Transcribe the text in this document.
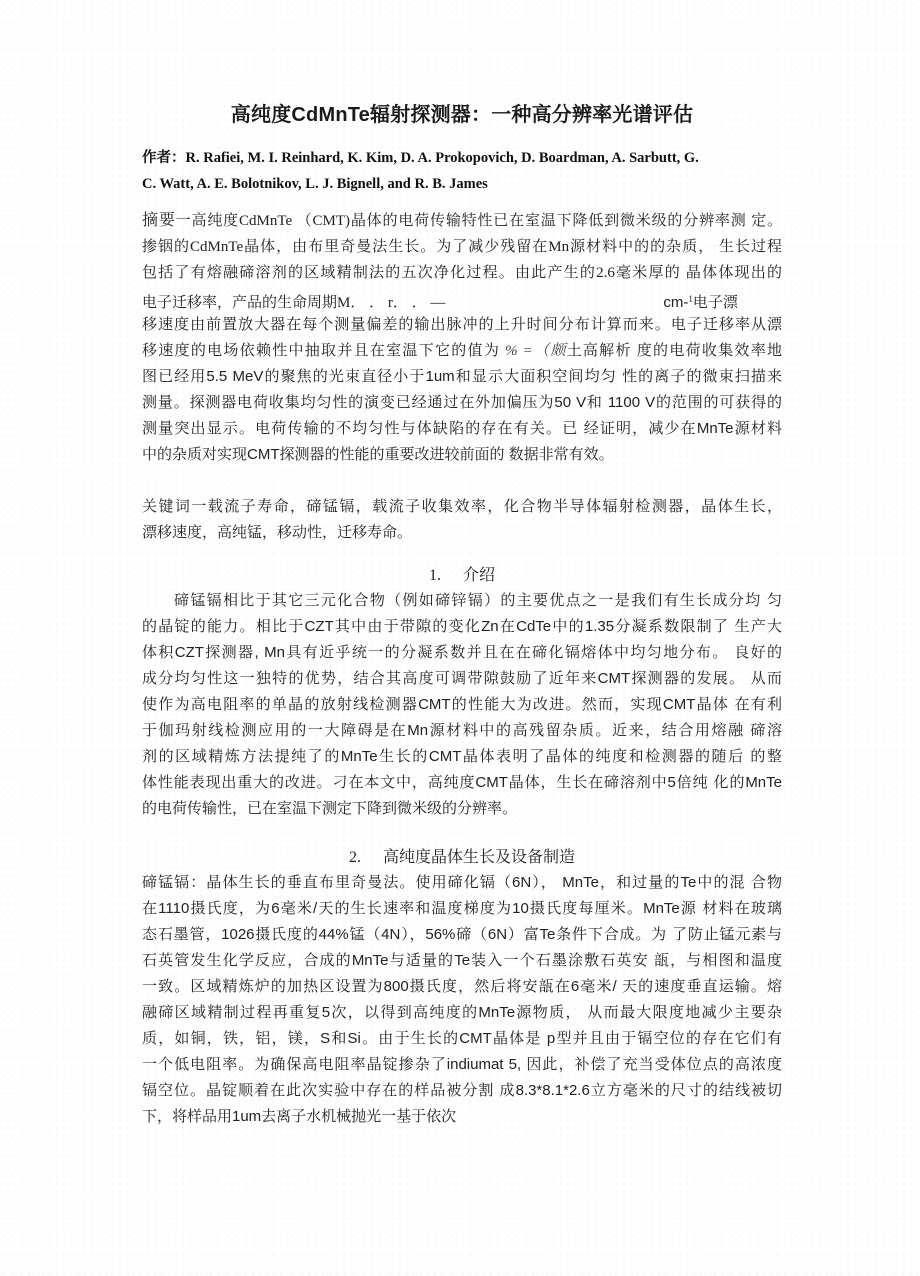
高纯度CdMnTe辐射探测器：一种高分辨率光谱评估
作者：R. Rafiei, M. I. Reinhard, K. Kim, D. A. Prokopovich, D. Boardman, A. Sarbutt, G.
C. Watt, A. E. Bolotnikov, L. J. Bignell, and R. B. James
摘要一高纯度CdMnTe （CMT)晶体的电荷传输特性已在室温下降低到微米级的分辨率测 定。
掺铟的CdMnTe晶体，由布里奇曼法生长。为了减少残留在Mn源材料中的的杂质， 生长过程
包括了有熔融碲溶剂的区域精制法的五次净化过程。由此产生的2.6毫米厚的 晶体体现出的
电子迁移率，产品的生命周期M． ． r． ． —	cm-$^1$电子漂
移速度由前置放大器在每个测量偏差的输出脉冲的上升时间分布计算而来。电子迁移率从漂
移速度的电场依赖性中抽取并且在室温下它的值为 % =（颇土高解析 度的电荷收集效率地
图已经用5.5 MeV的聚焦的光束直径小于1um和显示大面积空间均匀 性的离子的微束扫描来
测量。探测器电荷收集均匀性的演变已经通过在外加偏压为50 V和 1100 V的范围的可获得的
测量突出显示。电荷传输的不均匀性与体缺陷的存在有关。已 经证明，减少在MnTe源材料
中的杂质对实现CMT探测器的性能的重要改进较前面的 数据非常有效。
关键词一载流子寿命，碲锰镉，载流子收集效率，化合物半导体辐射检测器，晶体生长，
漂移速度，高纯锰，移动性，迁移寿命。
1. 介绍
碲锰镉相比于其它三元化合物（例如碲锌镉）的主要优点之一是我们有生长成分均 匀
的晶锭的能力。相比于CZT其中由于带隙的变化Zn在CdTe中的1.35分凝系数限制了 生产大
体积CZT探测器, Mn具有近乎统一的分凝系数并且在在碲化镉熔体中均匀地分布。 良好的
成分均匀性这一独特的优势，结合其高度可调带隙鼓励了近年来CMT探测器的发展。 从而
使作为高电阻率的单晶的放射线检测器CMT的性能大为改进。然而，实现CMT晶体 在有利
于伽玛射线检测应用的一大障碍是在Mn源材料中的高残留杂质。近来，结合用熔融 碲溶
剂的区域精炼方法提纯了的MnTe生长的CMT晶体表明了晶体的纯度和检测器的随后 的整
体性能表现出重大的改进。刁在本文中，高纯度CMT晶体，生长在碲溶剂中5倍纯 化的MnTe
的电荷传输性，已在室温下测定下降到微米级的分辨率。
2. 高纯度晶体生长及设备制造
碲锰镉：晶体生长的垂直布里奇曼法。使用碲化镉（6N）， MnTe，和过量的Te中的混 合物
在1110摄氏度，为6毫米/天的生长速率和温度梯度为10摄氏度每厘米。MnTe源 材料在玻璃
态石墨管，1026摄氏度的44%锰（4N），56%碲（6N）富Te条件下合成。为 了防止锰元素与
石英管发生化学反应，合成的MnTe与适量的Te装入一个石墨涂敷石英安 瓿，与相图和温度
一致。区域精炼炉的加热区设置为800摄氏度，然后将安瓿在6毫米/ 天的速度垂直运输。熔
融碲区域精制过程再重复5次，以得到高纯度的MnTe源物质， 从而最大限度地减少主要杂
质，如铜，铁，铝，镁，S和Si。由于生长的CMT晶体是 p型并且由于镉空位的存在它们有
一个低电阻率。为确保高电阻率晶锭掺杂了indiumat 5, 因此，补偿了充当受体位点的高浓度
镉空位。晶锭顺着在此次实验中存在的样品被分割 成8.3*8.1*2.6立方毫米的尺寸的结线被切
下，将样品用1um去离子水机械抛光一基于依次
